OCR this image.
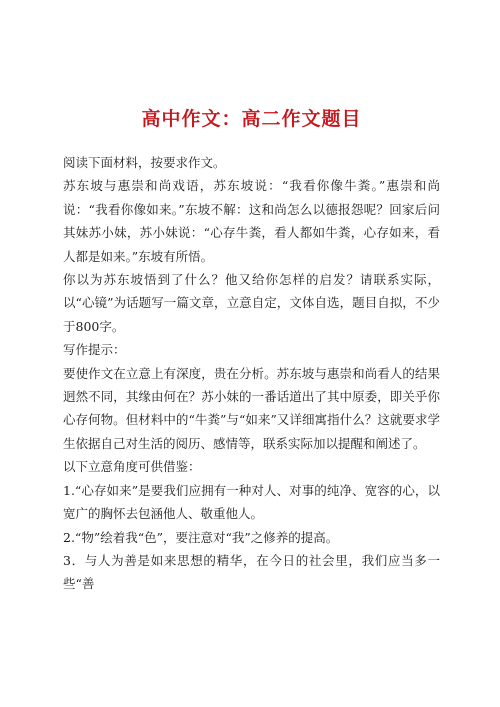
高中作文：高二作文题目

阅读下面材料，按要求作文。

苏东坡与惠崇和尚戏语，苏东坡说：“我看你像牛粪。”惠崇和尚说：“我看你像如来。”东坡不解：这和尚怎么以德报怨呢？回家后问其妹苏小妹，苏小妹说：“心存牛粪，看人都如牛粪，心存如来，看人都是如来。”东坡有所悟。

你以为苏东坡悟到了什么？他又给你怎样的启发？请联系实际，以“心镜”为话题写一篇文章，立意自定，文体自选，题目自拟，不少于800字。

写作提示：

要使作文在立意上有深度，贵在分析。苏东坡与惠崇和尚看人的结果迥然不同，其缘由何在？苏小妹的一番话道出了其中原委，即关乎你心存何物。但材料中的“牛粪”与“如来”又详细寓指什么？这就要求学生依据自己对生活的阅历、感情等，联系实际加以提醒和阐述了。

以下立意角度可供借鉴：

1.“心存如来”是要我们应拥有一种对人、对事的纯净、宽容的心，以宽广的胸怀去包涵他人、敬重他人。

2.“物”绘着我“色”，要注意对“我”之修养的提高。

3．与人为善是如来思想的精华，在今日的社会里，我们应当多一些“善
